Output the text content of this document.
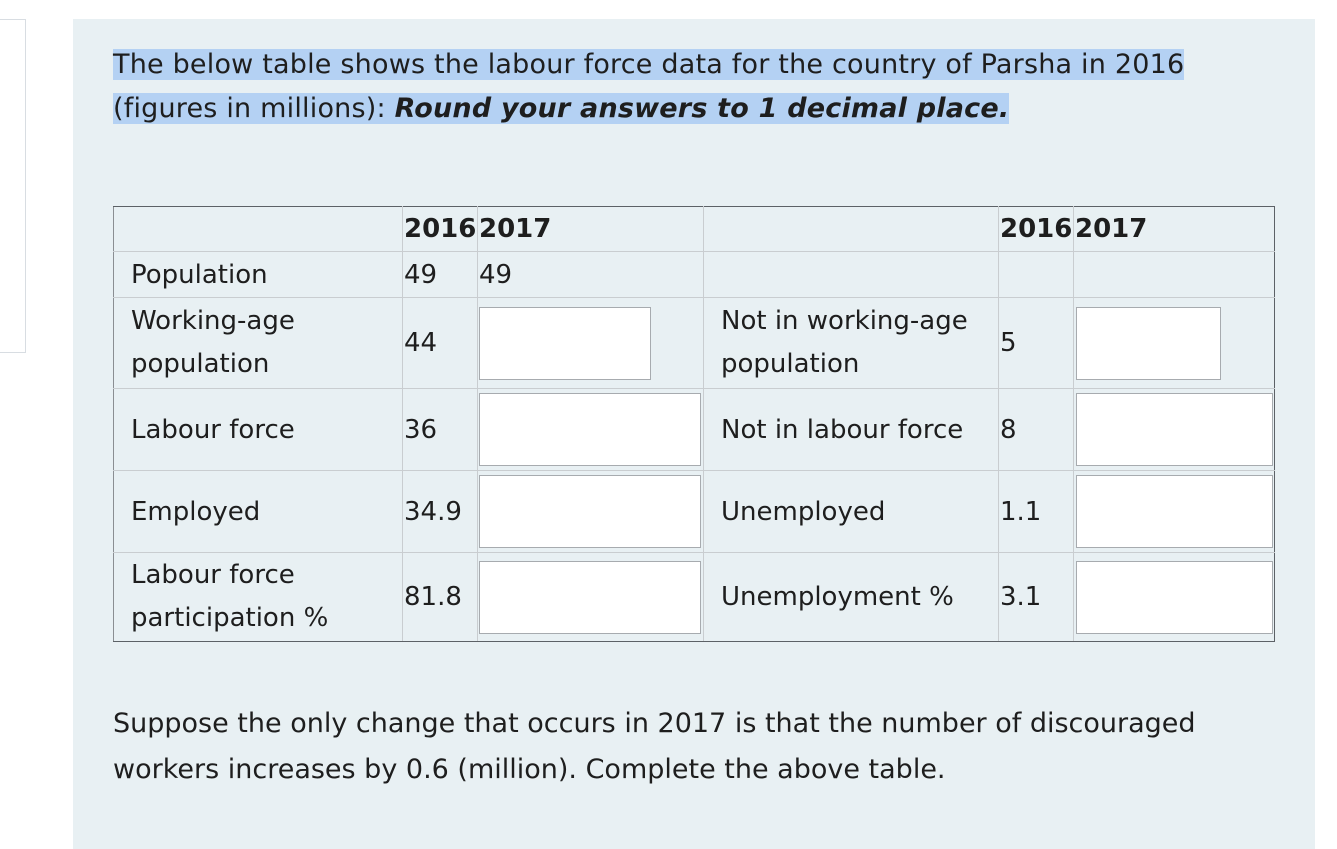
The below table shows the labour force data for the country of Parsha in 2016 (figures in millions): Round your answers to 1 decimal place.
	2016	2017		2016	2017
Population	49	49			

Working-age population	44		Not in working-age population	5	

Labour force	36		Not in labour force	8	

Employed	34.9		Unemployed	1.1	

Labour force participation %	81.8		Unemployment %	3.1	
Suppose the only change that occurs in 2017 is that the number of discouraged workers increases by 0.6 (million). Complete the above table.
